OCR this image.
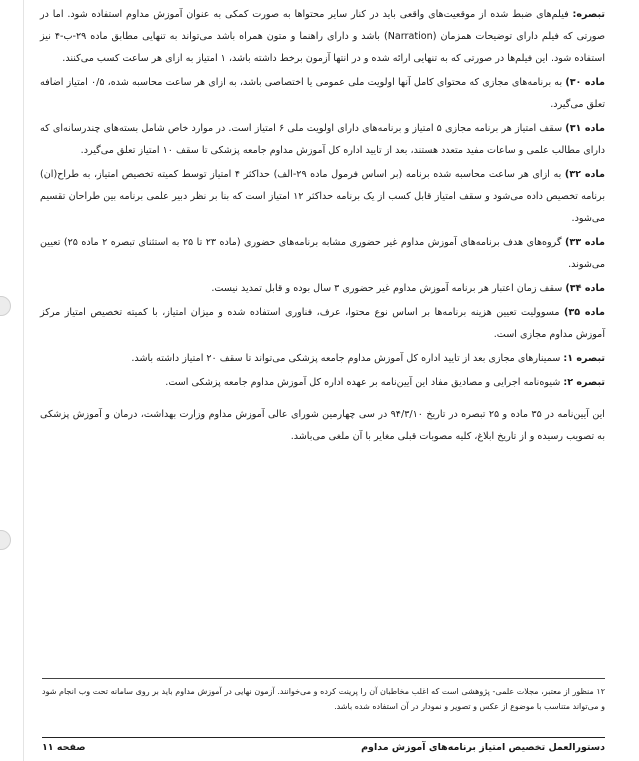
تبصره: فیلم‌های ضبط شده از موقعیت‌های واقعی باید در کنار سایر محتواها به صورت کمکی به عنوان آموزش مداوم استفاده شود. اما در صورتی که فیلم دارای توضیحات همزمان (Narration) باشد و دارای راهنما و متون همراه باشد می‌تواند به تنهایی مطابق ماده ۲۹-ب-۴ نیز استفاده شود. این فیلم‌ها در صورتی که به تنهایی ارائه شده و در انتها آزمون برخط داشته باشد، ۱ امتیاز به ازای هر ساعت کسب می‌کنند.

ماده ۳۰) به برنامه‌های مجازی که محتوای کامل آنها اولویت ملی عمومی یا اختصاصی باشد، به ازای هر ساعت محاسبه شده، ۰/۵ امتیاز اضافه تعلق می‌گیرد.

ماده ۳۱) سقف امتیاز هر برنامه مجازی ۵ امتیاز و برنامه‌های دارای اولویت ملی ۶ امتیاز است. در موارد خاص شامل بسته‌های چندرسانه‌ای که دارای مطالب علمی و ساعات مفید متعدد هستند، بعد از تایید اداره کل آموزش مداوم جامعه پزشکی تا سقف ۱۰ امتیاز تعلق می‌گیرد.

ماده ۳۲) به ازای هر ساعت محاسبه شده برنامه (بر اساس فرمول ماده ۲۹-الف) حداکثر ۴ امتیاز توسط کمیته تخصیص امتیاز، به طراح(ان) برنامه تخصیص داده می‌شود و سقف امتیاز قابل کسب از یک برنامه حداکثر ۱۲ امتیاز است که بنا بر نظر دبیر علمی برنامه بین طراحان تقسیم می‌شود.

ماده ۳۳) گروه‌های هدف برنامه‌های آموزش مداوم غیر حضوری مشابه برنامه‌های حضوری (ماده ۲۳ تا ۲۵ به استثنای تبصره ۲ ماده ۲۵) تعیین می‌شوند.

ماده ۳۴) سقف زمان اعتبار هر برنامه آموزش مداوم غیر حضوری ۳ سال بوده و قابل تمدید نیست.

ماده ۳۵) مسوولیت تعیین هزینه برنامه‌ها بر اساس نوع محتوا، عرف، فناوری استفاده شده و میزان امتیاز، با کمیته تخصیص امتیاز مرکز آموزش مداوم مجازی است.

تبصره ۱: سمینارهای مجازی بعد از تایید اداره کل آموزش مداوم جامعه پزشکی می‌تواند تا سقف ۲۰ امتیاز داشته باشد.

تبصره ۲: شیوه‌نامه اجرایی و مصادیق مفاد این آیین‌نامه بر عهده اداره کل آموزش مداوم جامعه پزشکی است.

این آیین‌نامه در ۳۵ ماده و ۲۵ تبصره در تاریخ ۹۴/۳/۱۰ در سی چهارمین شورای عالی آموزش مداوم وزارت بهداشت، درمان و آموزش پزشکی به تصویب رسیده و از تاریخ ابلاغ، کلیه مصوبات قبلی مغایر با آن ملغی می‌باشد.

۱۲ منظور از معتبر، مجلات علمی- پژوهشی است که اغلب مخاطبان آن را پرینت کرده و می‌خوانند. آزمون نهایی در آموزش مداوم باید بر روی سامانه تحت وب انجام شود و می‌تواند متناسب با موضوع از عکس و تصویر و نمودار در آن استفاده شده باشد.
دستورالعمل تخصیص امتیاز برنامه‌های آموزش مداوم
صفحه ۱۱
